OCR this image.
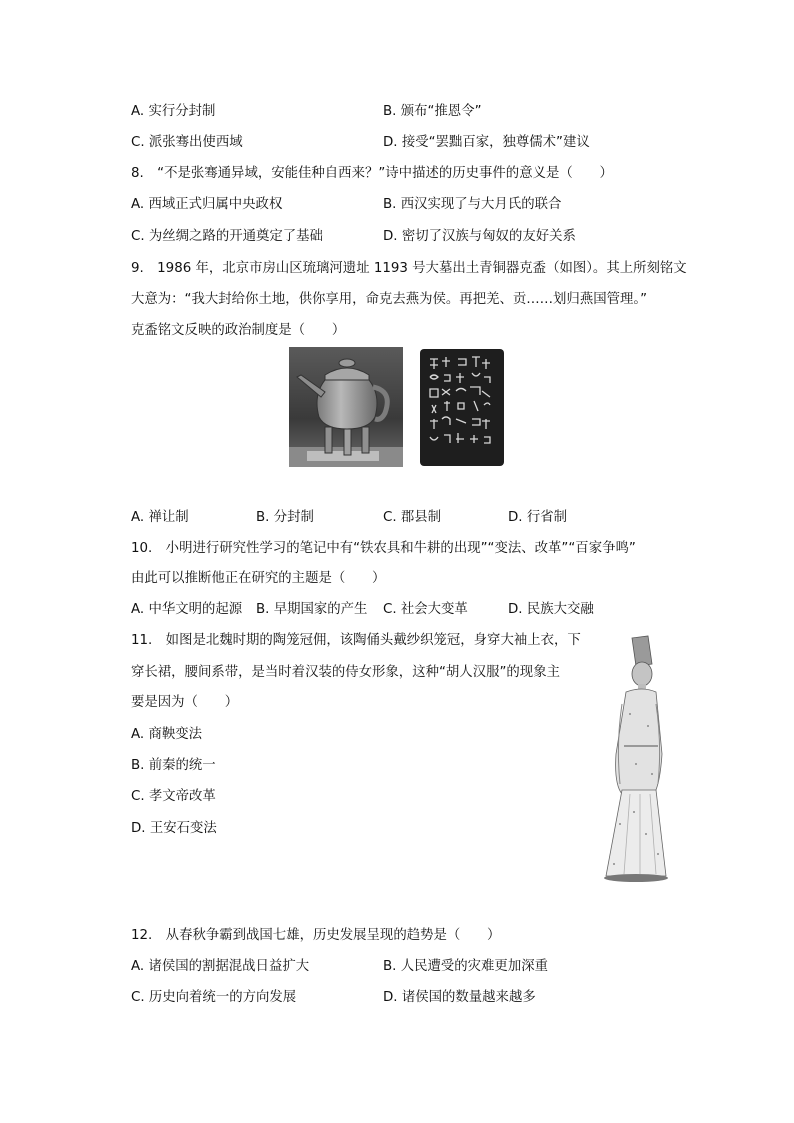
A. 实行分封制	B. 颁布“推恩令”
C. 派张骞出使西域	D. 接受“罢黜百家，独尊儒术”建议
8.　“不是张骞通异域，安能佳种自西来？”诗中描述的历史事件的意义是（　　）
A. 西域正式归属中央政权	B. 西汉实现了与大月氏的联合
C. 为丝绸之路的开通奠定了基础	D. 密切了汉族与匈奴的友好关系
9.　1986 年，北京市房山区琉璃河遗址 1193 号大墓出土青铜器克盉（如图）。其上所刻铭文
大意为：“我大封给你土地，供你享用，命克去燕为侯。再把羌、贡……划归燕国管理。”
克盉铭文反映的政治制度是（　　）
A. 禅让制	B. 分封制	C. 郡县制	D. 行省制
10.　小明进行研究性学习的笔记中有“铁农具和牛耕的出现”“变法、改革”“百家争鸣”
由此可以推断他正在研究的主题是（　　）
A. 中华文明的起源 B. 早期国家的产生 C. 社会大变革	D. 民族大交融
11.　如图是北魏时期的陶笼冠佣，该陶俑头戴纱织笼冠，身穿大袖上衣，下
穿长裙，腰间系带，是当时着汉装的侍女形象，这种“胡人汉服”的现象主
要是因为（　　）
A. 商鞅变法
B. 前秦的统一
C. 孝文帝改革
D. 王安石变法
12.　从春秋争霸到战国七雄，历史发展呈现的趋势是（　　）
A. 诸侯国的割据混战日益扩大	B. 人民遭受的灾难更加深重
C. 历史向着统一的方向发展	D. 诸侯国的数量越来越多
